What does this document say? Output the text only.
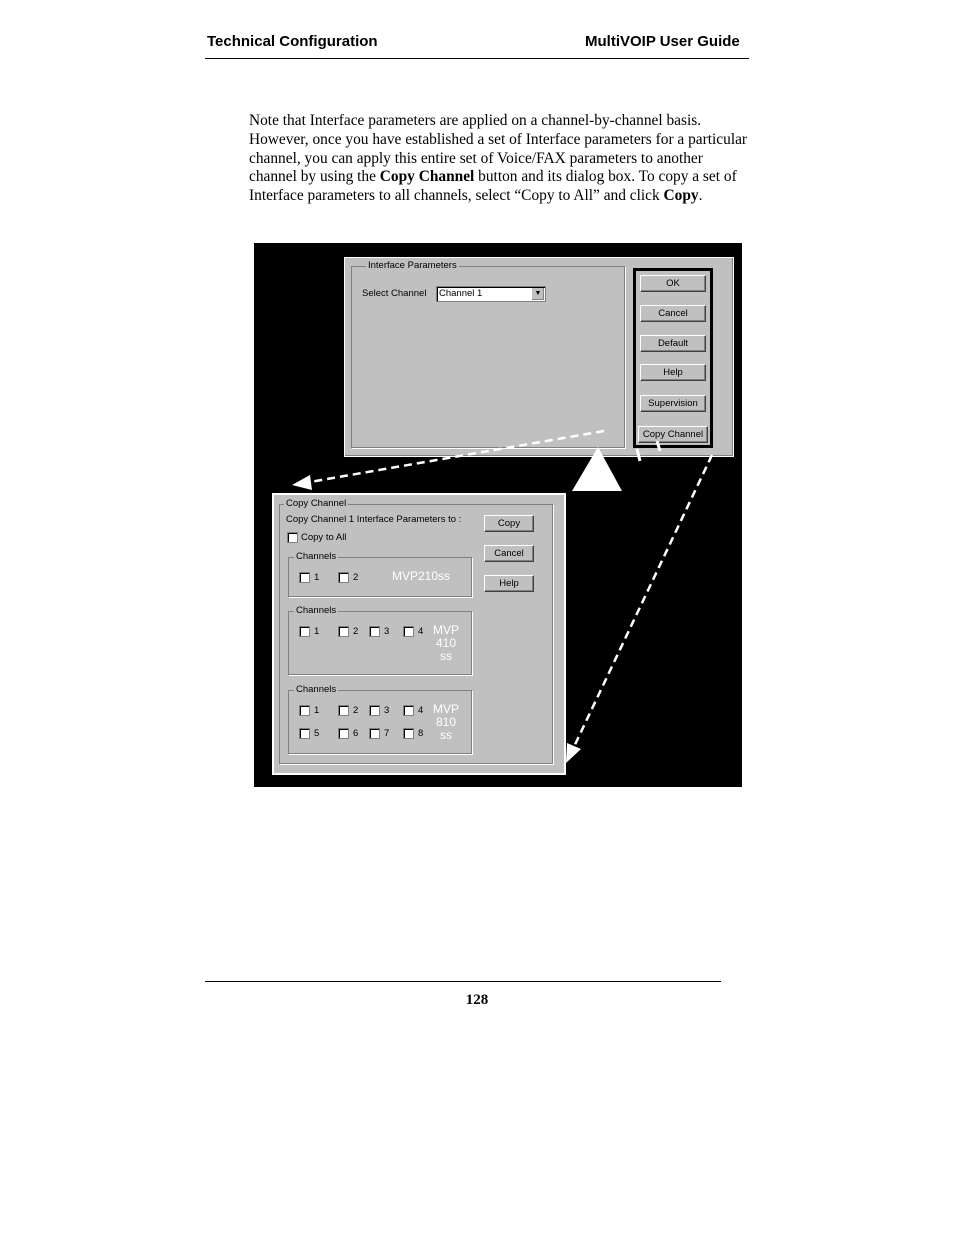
Technical Configuration	MultiVOIP User Guide

Note that Interface parameters are applied on a channel-by-channel basis. However, once you have established a set of Interface parameters for a particular channel, you can apply this entire set of Voice/FAX parameters to another channel by using the Copy Channel button and its dialog box. To copy a set of Interface parameters to all channels, select “Copy to All” and click Copy.

Interface Parameters
Select Channel Channel 1	▼
OK
Cancel
Default
Help
Supervision
Copy Channel
Copy Channel
Copy Channel 1 Interface Parameters to :
Copy to All
Channels
1	2	MVP210ss
Channels
1	2	3	4 MVP
410
ss
Channels
1	2	3	4
5	6	7	8
MVP
810
ss
Copy
Cancel
Help
128
